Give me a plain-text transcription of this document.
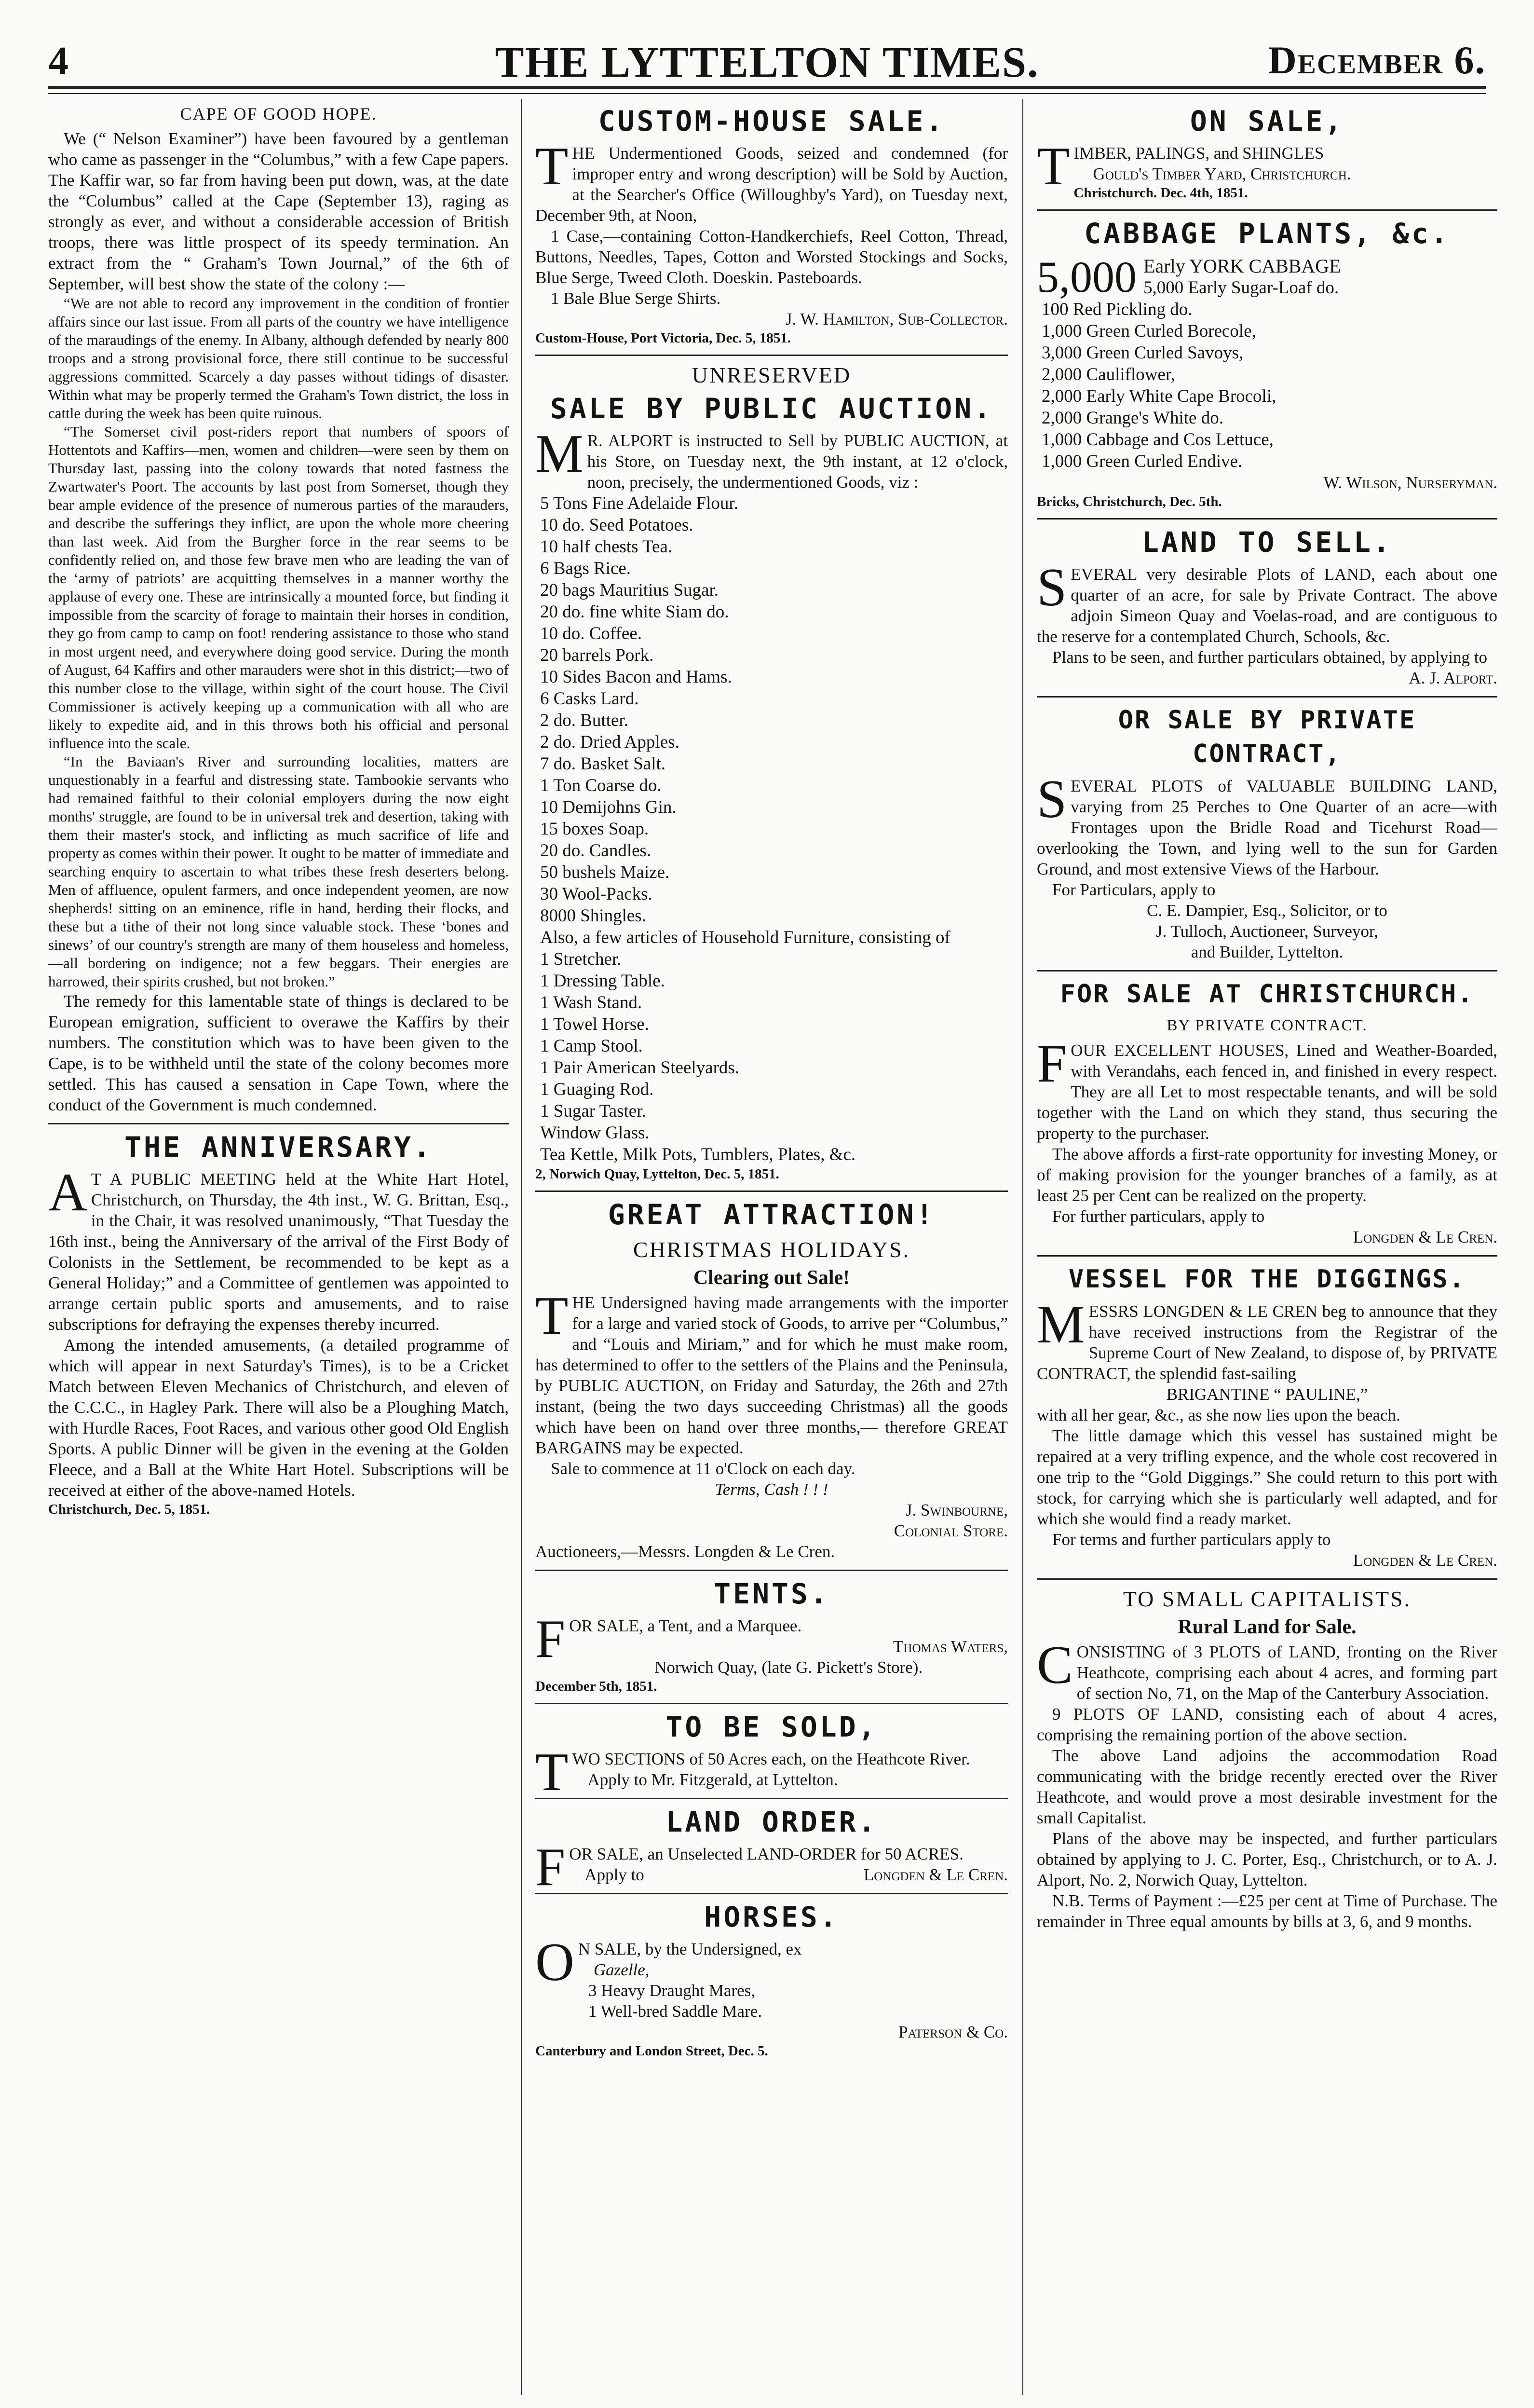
4	THE LYTTELTON TIMES.	December 6.
CAPE OF GOOD HOPE.

We (“ Nelson Examiner”) have been favoured by a gentleman who came as passenger in the “Columbus,” with a few Cape papers. The Kaffir war, so far from having been put down, was, at the date the “Columbus” called at the Cape (September 13), raging as strongly as ever, and without a considerable accession of British troops, there was little prospect of its speedy termination. An extract from the “ Graham's Town Journal,” of the 6th of September, will best show the state of the colony :—

“We are not able to record any improvement in the condition of frontier affairs since our last issue. From all parts of the country we have intelligence of the maraudings of the enemy. In Albany, although defended by nearly 800 troops and a strong provisional force, there still continue to be successful aggressions committed. Scarcely a day passes without tidings of disaster. Within what may be properly termed the Graham's Town district, the loss in cattle during the week has been quite ruinous.

“The Somerset civil post-riders report that numbers of spoors of Hottentots and Kaffirs—men, women and children—were seen by them on Thursday last, passing into the colony towards that noted fastness the Zwartwater's Poort. The accounts by last post from Somerset, though they bear ample evidence of the presence of numerous parties of the marauders, and describe the sufferings they inflict, are upon the whole more cheering than last week. Aid from the Burgher force in the rear seems to be confidently relied on, and those few brave men who are leading the van of the ‘army of patriots’ are acquitting themselves in a manner worthy the applause of every one. These are intrinsically a mounted force, but finding it impossible from the scarcity of forage to maintain their horses in condition, they go from camp to camp on foot! rendering assistance to those who stand in most urgent need, and everywhere doing good service. During the month of August, 64 Kaffirs and other marauders were shot in this district;—two of this number close to the village, within sight of the court house. The Civil Commissioner is actively keeping up a communication with all who are likely to expedite aid, and in this throws both his official and personal influence into the scale.

“In the Baviaan's River and surrounding localities, matters are unquestionably in a fearful and distressing state. Tambookie servants who had remained faithful to their colonial employers during the now eight months' struggle, are found to be in universal trek and desertion, taking with them their master's stock, and inflicting as much sacrifice of life and property as comes within their power. It ought to be matter of immediate and searching enquiry to ascertain to what tribes these fresh deserters belong. Men of affluence, opulent farmers, and once independent yeomen, are now shepherds! sitting on an eminence, rifle in hand, herding their flocks, and these but a tithe of their not long since valuable stock. These ‘bones and sinews’ of our country's strength are many of them houseless and homeless,—all bordering on indigence; not a few beggars. Their energies are harrowed, their spirits crushed, but not broken.”

The remedy for this lamentable state of things is declared to be European emigration, sufficient to overawe the Kaffirs by their numbers. The constitution which was to have been given to the Cape, is to be withheld until the state of the colony becomes more settled. This has caused a sensation in Cape Town, where the conduct of the Government is much condemned.

THE ANNIVERSARY.
A T A PUBLIC MEETING held at the White Hart Hotel, Christchurch, on Thursday, the 4th inst., W. G. Brittan, Esq., in the Chair, it was resolved unanimously, “That Tuesday the 16th inst., being the Anniversary of the arrival of the First Body of Colonists in the Settlement, be recommended to be kept as a General Holiday;” and a Committee of gentlemen was appointed to arrange certain public sports and amusements, and to raise subscriptions for defraying the expenses thereby incurred.

Among the intended amusements, (a detailed programme of which will appear in next Saturday's Times), is to be a Cricket Match between Eleven Mechanics of Christchurch, and eleven of the C.C.C., in Hagley Park. There will also be a Ploughing Match, with Hurdle Races, Foot Races, and various other good Old English Sports. A public Dinner will be given in the evening at the Golden Fleece, and a Ball at the White Hart Hotel. Subscriptions will be received at either of the above-named Hotels.

Christchurch, Dec. 5, 1851.
CUSTOM-HOUSE SALE.
THE Undermentioned Goods, seized and condemned (for improper entry and wrong description) will be Sold by Auction, at the Searcher's Office (Willoughby's Yard), on Tuesday next, December 9th, at Noon,

1 Case,—containing Cotton-Handkerchiefs, Reel Cotton, Thread, Buttons, Needles, Tapes, Cotton and Worsted Stockings and Socks, Blue Serge, Tweed Cloth. Doeskin. Pasteboards.

1 Bale Blue Serge Shirts.

J. W. Hamilton, Sub-Collector.
Custom-House, Port Victoria, Dec. 5, 1851.
UNRESERVED
SALE BY PUBLIC AUCTION.
M R. ALPORT is instructed to Sell by PUBLIC AUCTION, at his Store, on Tuesday next, the 9th instant, at 12 o'clock, noon, precisely, the undermentioned Goods, viz :
5 Tons Fine Adelaide Flour.
10 do. Seed Potatoes.
10 half chests Tea.
6 Bags Rice.
20 bags Mauritius Sugar.
20 do. fine white Siam do.
10 do. Coffee.
20 barrels Pork.
10 Sides Bacon and Hams.
6 Casks Lard.
2 do. Butter.
2 do. Dried Apples.
7 do. Basket Salt.
1 Ton Coarse do.
10 Demijohns Gin.
15 boxes Soap.
20 do. Candles.
50 bushels Maize.
30 Wool-Packs.
8000 Shingles.
Also, a few articles of Household Furniture, consisting of
1 Stretcher.
1 Dressing Table.
1 Wash Stand.
1 Towel Horse.
1 Camp Stool.
1 Pair American Steelyards.
1 Guaging Rod.
1 Sugar Taster.
Window Glass.
Tea Kettle, Milk Pots, Tumblers, Plates, &c.
2, Norwich Quay, Lyttelton, Dec. 5, 1851.
GREAT ATTRACTION!
CHRISTMAS HOLIDAYS.
Clearing out Sale!
THE Undersigned having made arrangements with the importer for a large and varied stock of Goods, to arrive per “Columbus,” and “Louis and Miriam,” and for which he must make room, has determined to offer to the settlers of the Plains and the Peninsula, by PUBLIC AUCTION, on Friday and Saturday, the 26th and 27th instant, (being the two days succeeding Christmas) all the goods which have been on hand over three months,— therefore GREAT BARGAINS may be expected.

Sale to commence at 11 o'Clock on each day.

Terms, Cash ! ! !

J. Swinbourne,
Colonial Store.

Auctioneers,—Messrs. Longden & Le Cren.

TENTS.
FOR SALE, a Tent, and a Marquee.
Thomas Waters,

Norwich Quay, (late G. Pickett's Store).

December 5th, 1851.
TO BE SOLD,
TWO SECTIONS of 50 Acres each, on the Heathcote River.

Apply to Mr. Fitzgerald, at Lyttelton.

LAND ORDER.
FOR SALE, an Unselected LAND-ORDER for 50 ACRES.

Apply to	Longden & Le Cren.

HORSES.
O N SALE, by the Undersigned, ex

Gazelle,

3 Heavy Draught Mares,

1 Well-bred Saddle Mare.

Paterson & Co.
Canterbury and London Street, Dec. 5.
ON SALE,
TIMBER, PALINGS, and SHINGLES
Gould's Timber Yard, Christchurch.
Christchurch. Dec. 4th, 1851.
CABBAGE PLANTS, &c.
5,000 Early YORK CABBAGE
5,000 Early Sugar-Loaf do.
100 Red Pickling do.
1,000 Green Curled Borecole,
3,000 Green Curled Savoys,
2,000 Cauliflower,
2,000 Early White Cape Brocoli,
2,000 Grange's White do.
1,000 Cabbage and Cos Lettuce,
1,000 Green Curled Endive.
W. Wilson, Nurseryman.
Bricks, Christchurch, Dec. 5th.
LAND TO SELL.
SEVERAL very desirable Plots of LAND, each about one quarter of an acre, for sale by Private Contract. The above adjoin Simeon Quay and Voelas-road, and are contiguous to the reserve for a contemplated Church, Schools, &c.

Plans to be seen, and further particulars obtained, by applying to

A. J. Alport.
OR SALE BY PRIVATE CONTRACT,
SEVERAL PLOTS of VALUABLE BUILDING LAND, varying from 25 Perches to One Quarter of an acre—with Frontages upon the Bridle Road and Ticehurst Road—overlooking the Town, and lying well to the sun for Garden Ground, and most extensive Views of the Harbour.

For Particulars, apply to

C. E. Dampier, Esq., Solicitor, or to

J. Tulloch, Auctioneer, Surveyor,

and Builder, Lyttelton.

FOR SALE AT CHRISTCHURCH.
BY PRIVATE CONTRACT.
FOUR EXCELLENT HOUSES, Lined and Weather-Boarded, with Verandahs, each fenced in, and finished in every respect. They are all Let to most respectable tenants, and will be sold together with the Land on which they stand, thus securing the property to the purchaser.

The above affords a first-rate opportunity for investing Money, or of making provision for the younger branches of a family, as at least 25 per Cent can be realized on the property.

For further particulars, apply to

Longden & Le Cren.
VESSEL FOR THE DIGGINGS.
MESSRS LONGDEN & LE CREN beg to announce that they have received instructions from the Registrar of the Supreme Court of New Zealand, to dispose of, by PRIVATE CONTRACT, the splendid fast-sailing

BRIGANTINE “ PAULINE,”

with all her gear, &c., as she now lies upon the beach.

The little damage which this vessel has sustained might be repaired at a very trifling expence, and the whole cost recovered in one trip to the “Gold Diggings.” She could return to this port with stock, for carrying which she is particularly well adapted, and for which she would find a ready market.

For terms and further particulars apply to

Longden & Le Cren.
TO SMALL CAPITALISTS.
Rural Land for Sale.
CONSISTING of 3 PLOTS of LAND, fronting on the River Heathcote, comprising each about 4 acres, and forming part of section No, 71, on the Map of the Canterbury Association.

9 PLOTS OF LAND, consisting each of about 4 acres, comprising the remaining portion of the above section.

The above Land adjoins the accommodation Road communicating with the bridge recently erected over the River Heathcote, and would prove a most desirable investment for the small Capitalist.

Plans of the above may be inspected, and further particulars obtained by applying to J. C. Porter, Esq., Christchurch, or to A. J. Alport, No. 2, Norwich Quay, Lyttelton.

N.B. Terms of Payment :—£25 per cent at Time of Purchase. The remainder in Three equal amounts by bills at 3, 6, and 9 months.
